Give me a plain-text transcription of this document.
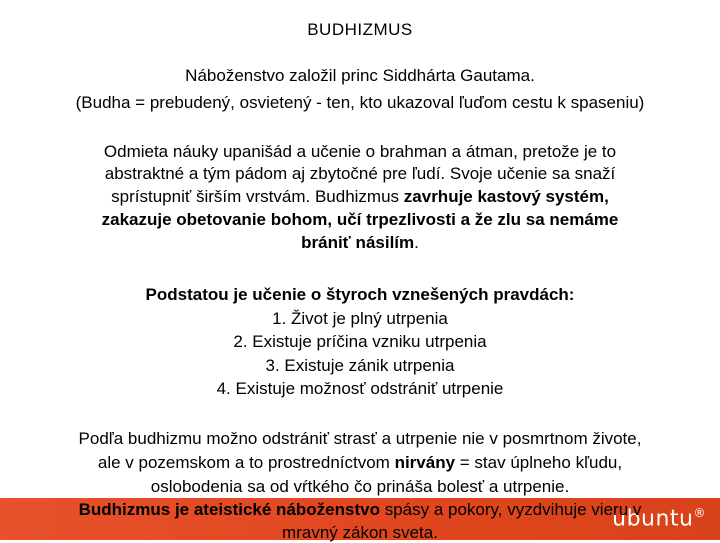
BUDHIZMUS
Náboženstvo založil princ Siddhárta Gautama.
(Budha = prebudený, osvietený - ten, kto ukazoval ľuďom cestu k spaseniu)
Odmieta náuky upanišád a učenie o brahman a átman, pretože je to
abstraktné a tým pádom aj zbytočné pre ľudí. Svoje učenie sa snaží
sprístupniť širším vrstvám. Budhizmus zavrhuje kastový systém,
zakazuje obetovanie bohom, učí trpezlivosti a že zlu sa nemáme
brániť násilím.
Podstatou je učenie o štyroch vznešených pravdách:
1. Život je plný utrpenia
2. Existuje príčina vzniku utrpenia
3. Existuje zánik utrpenia
4. Existuje možnosť odstrániť utrpenie
Podľa budhizmu možno odstrániť strasť a utrpenie nie v posmrtnom živote,
ale v pozemskom a to prostredníctvom nirvány = stav úplneho kľudu,
oslobodenia sa od vŕtkého čo prináša bolesť a utrpenie.
ubuntu®
Budhizmus je ateistické náboženstvo spásy a pokory, vyzdvihuje vieru v
mravný zákon sveta.
